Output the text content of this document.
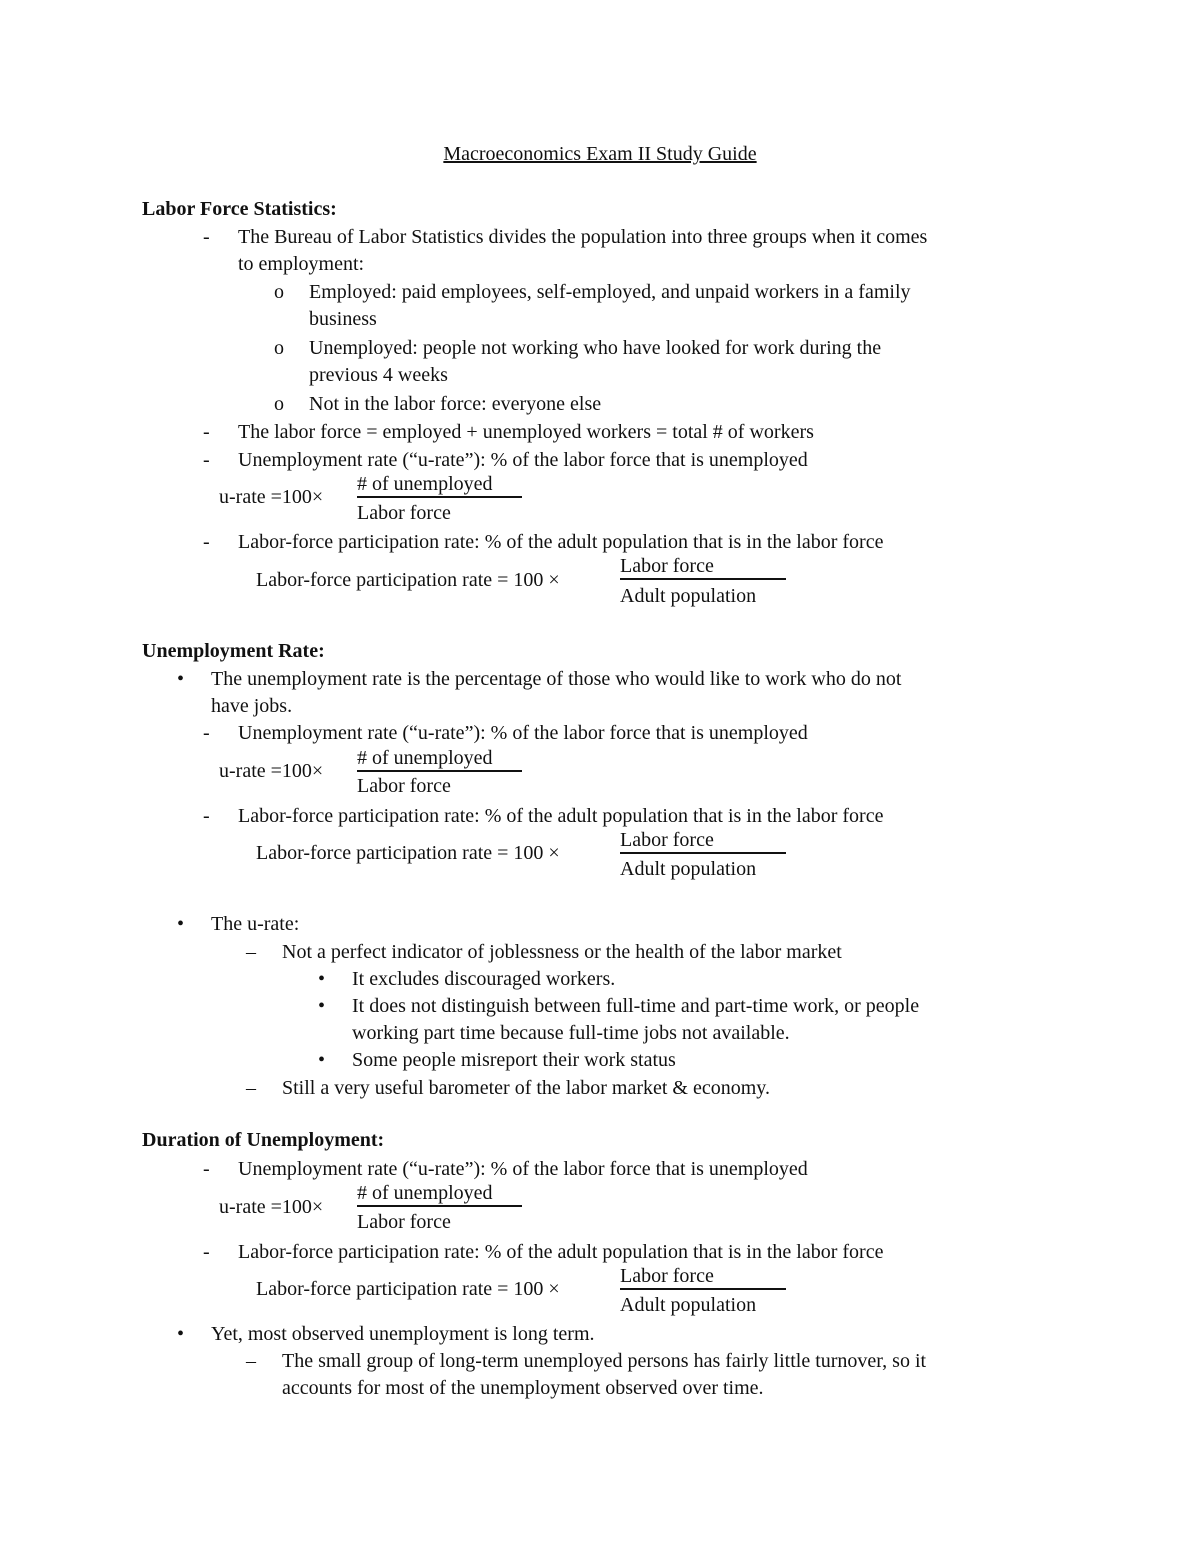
Macroeconomics Exam II Study Guide
Labor Force Statistics:
- The Bureau of Labor Statistics divides the population into three groups when it comes
to employment:
o Employed: paid employees, self-employed, and unpaid workers in a family
business
o Unemployed: people not working who have looked for work during the
previous 4 weeks
o Not in the labor force: everyone else
- The labor force = employed + unemployed workers = total # of workers
- Unemployment rate (“u-rate”): % of the labor force that is unemployed
u-rate =100×
# of unemployed
Labor force
- Labor-force participation rate: % of the adult population that is in the labor force
Labor-force participation rate = 100 ×
Labor force
Adult population
Unemployment Rate:
• The unemployment rate is the percentage of those who would like to work who do not
have jobs.
- Unemployment rate (“u-rate”): % of the labor force that is unemployed
u-rate =100×
# of unemployed
Labor force
- Labor-force participation rate: % of the adult population that is in the labor force
Labor-force participation rate = 100 ×
Labor force
Adult population
• The u-rate:
– Not a perfect indicator of joblessness or the health of the labor market
• It excludes discouraged workers.
• It does not distinguish between full-time and part-time work, or people
working part time because full-time jobs not available.
• Some people misreport their work status
– Still a very useful barometer of the labor market & economy.
Duration of Unemployment:
- Unemployment rate (“u-rate”): % of the labor force that is unemployed
u-rate =100×
# of unemployed
Labor force
- Labor-force participation rate: % of the adult population that is in the labor force
Labor-force participation rate = 100 ×
Labor force
Adult population
• Yet, most observed unemployment is long term.
– The small group of long-term unemployed persons has fairly little turnover, so it
accounts for most of the unemployment observed over time.
